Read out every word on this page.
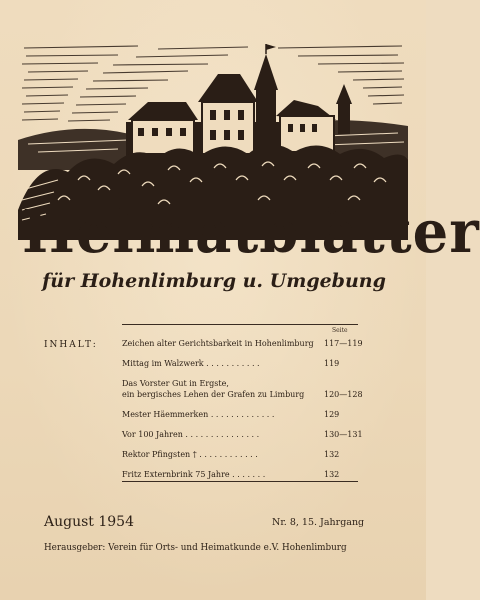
Heimatblätter
für Hohenlimburg u. Umgebung
Seite
INHALT:	Zeichen alter Gerichtsbarkeit in Hohenlimburg	117—119
Mittag im Walzwerk . . . . . . . . . . .	119
Das Vorster Gut in Ergste,
ein bergisches Lehen der Grafen zu Limburg	120—128
Mester Häemmerken . . . . . . . . . . . . .	129
Vor 100 Jahren . . . . . . . . . . . . . . .	130—131
Rektor Pfingsten † . . . . . . . . . . . .	132
Fritz Externbrink 75 Jahre . . . . . . .	132
August 1954	Nr. 8, 15. Jahrgang
Herausgeber: Verein für Orts- und Heimatkunde e.V. Hohenlimburg
